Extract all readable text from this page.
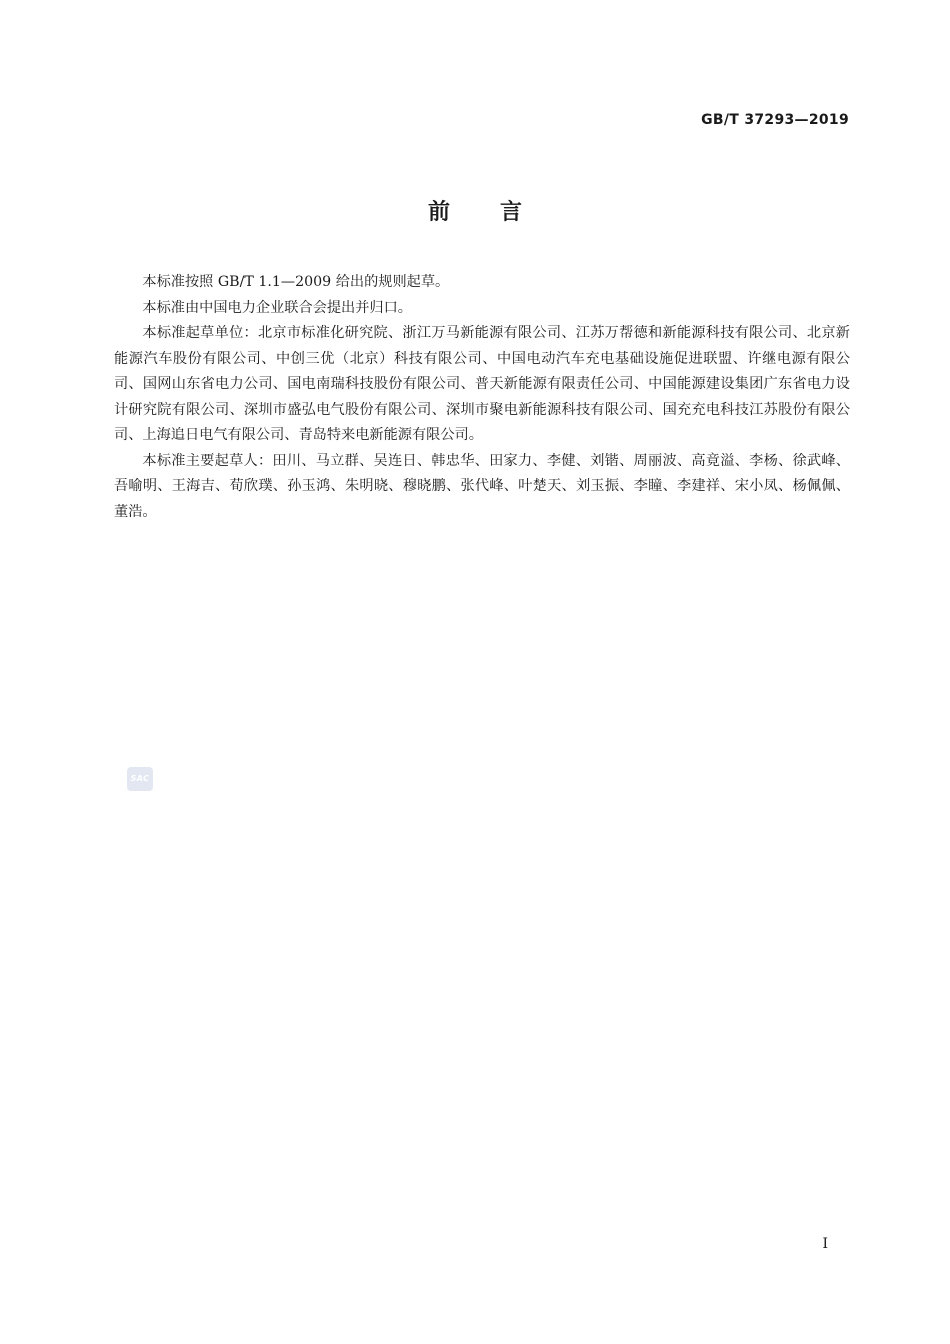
GB/T 37293—2019
前言

本标准按照 GB/T 1.1—2009 给出的规则起草。

本标准由中国电力企业联合会提出并归口。

本标准起草单位：北京市标准化研究院、浙江万马新能源有限公司、江苏万帮德和新能源科技有限公司、北京新能源汽车股份有限公司、中创三优（北京）科技有限公司、中国电动汽车充电基础设施促进联盟、许继电源有限公司、国网山东省电力公司、国电南瑞科技股份有限公司、普天新能源有限责任公司、中国能源建设集团广东省电力设计研究院有限公司、深圳市盛弘电气股份有限公司、深圳市聚电新能源科技有限公司、国充充电科技江苏股份有限公司、上海追日电气有限公司、青岛特来电新能源有限公司。

本标准主要起草人：田川、马立群、吴连日、韩忠华、田家力、李健、刘锴、周丽波、高竟溢、李杨、徐武峰、吾喻明、王海吉、荀欣璞、孙玉鸿、朱明晓、穆晓鹏、张代峰、叶楚天、刘玉振、李瞳、李建祥、宋小凤、杨佩佩、董浩。

SAC
I
